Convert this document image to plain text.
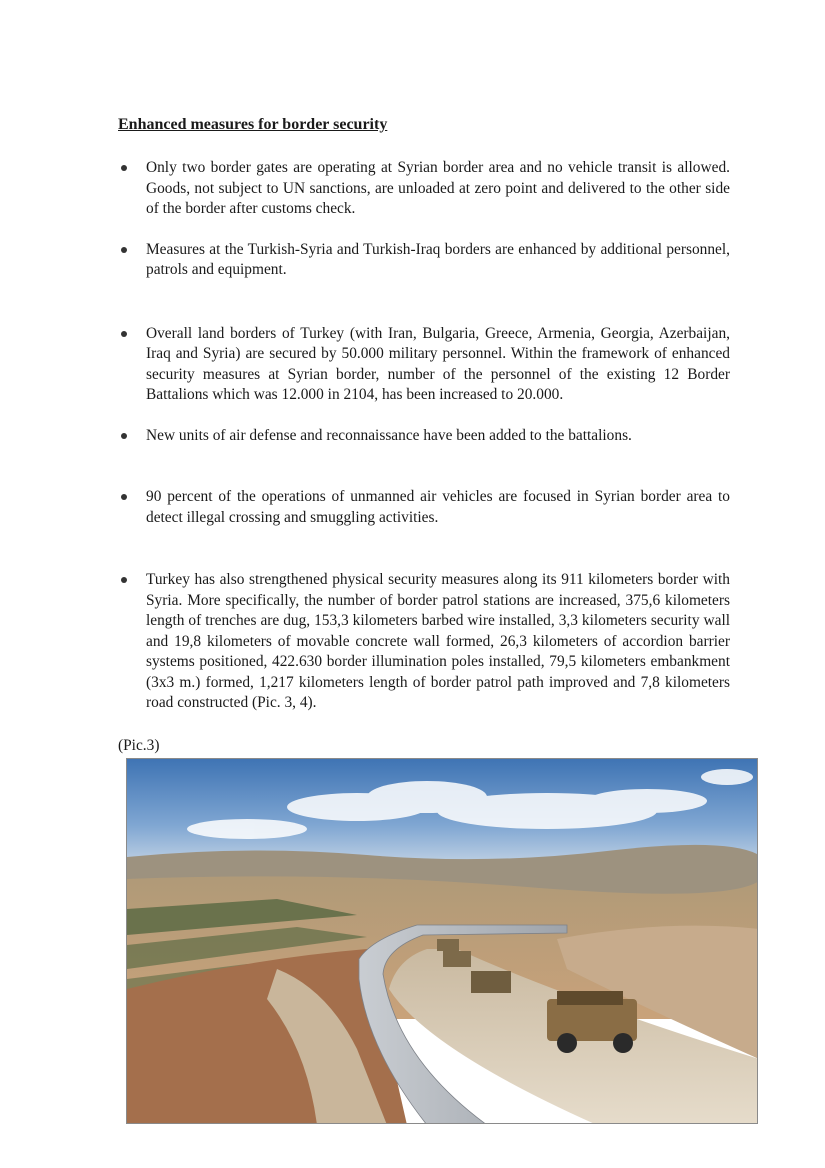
Enhanced measures for border security
Only two border gates are operating at Syrian border area and no vehicle transit is allowed. Goods, not subject to UN sanctions, are unloaded at zero point and delivered to the other side of the border after customs check.
Measures at the Turkish-Syria and Turkish-Iraq borders are enhanced by additional personnel, patrols and equipment.
Overall land borders of Turkey (with Iran, Bulgaria, Greece, Armenia, Georgia, Azerbaijan, Iraq and Syria) are secured by 50.000 military personnel. Within the framework of enhanced security measures at Syrian border, number of the personnel of the existing 12 Border Battalions which was 12.000 in 2104, has been increased to 20.000.
New units of air defense and reconnaissance have been added to the battalions.
90 percent of the operations of unmanned air vehicles are focused in Syrian border area to detect illegal crossing and smuggling activities.
Turkey has also strengthened physical security measures along its 911 kilometers border with Syria. More specifically, the number of border patrol stations are increased, 375,6 kilometers length of trenches are dug, 153,3 kilometers barbed wire installed, 3,3 kilometers security wall and 19,8 kilometers of movable concrete wall formed, 26,3 kilometers of accordion barrier systems positioned, 422.630 border illumination poles installed, 79,5 kilometers embankment (3x3 m.) formed, 1,217 kilometers length of border patrol path improved and 7,8 kilometers road constructed (Pic. 3, 4).
(Pic.3)
